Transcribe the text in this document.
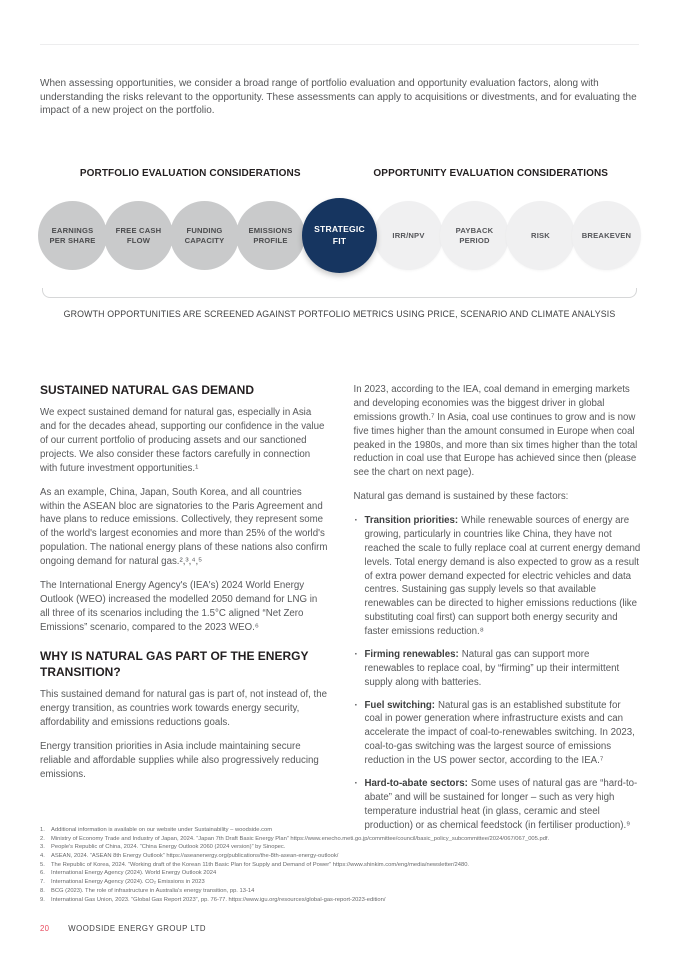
When assessing opportunities, we consider a broad range of portfolio evaluation and opportunity evaluation factors, along with understanding the risks relevant to the opportunity. These assessments can apply to acquisitions or divestments, and for evaluating the impact of a new project on the portfolio.

PORTFOLIO EVALUATION CONSIDERATIONS	OPPORTUNITY EVALUATION CONSIDERATIONS
EARNINGS PER SHARE
FREE CASH FLOW
FUNDING CAPACITY
EMISSIONS PROFILE
STRATEGIC FIT
IRR/NPV
PAYBACK PERIOD
RISK	BREAKEVEN
GROWTH OPPORTUNITIES ARE SCREENED AGAINST PORTFOLIO METRICS USING PRICE, SCENARIO AND CLIMATE ANALYSIS
SUSTAINED NATURAL GAS DEMAND

We expect sustained demand for natural gas, especially in Asia and for the decades ahead, supporting our confidence in the value of our current portfolio of producing assets and our sanctioned projects. We also consider these factors carefully in connection with future investment opportunities.¹

As an example, China, Japan, South Korea, and all countries within the ASEAN bloc are signatories to the Paris Agreement and have plans to reduce emissions. Collectively, they represent some of the world's largest economies and more than 25% of the world's population. The national energy plans of these nations also confirm ongoing demand for natural gas.²,³,⁴,⁵

The International Energy Agency's (IEA's) 2024 World Energy Outlook (WEO) increased the modelled 2050 demand for LNG in all three of its scenarios including the 1.5°C aligned “Net Zero Emissions” scenario, compared to the 2023 WEO.⁶

WHY IS NATURAL GAS PART OF THE ENERGY TRANSITION?

This sustained demand for natural gas is part of, not instead of, the energy transition, as countries work towards energy security, affordability and emissions reductions goals.

Energy transition priorities in Asia include maintaining secure reliable and affordable supplies while also progressively reducing emissions.

In 2023, according to the IEA, coal demand in emerging markets and developing economies was the biggest driver in global emissions growth.⁷ In Asia, coal use continues to grow and is now five times higher than the amount consumed in Europe when coal peaked in the 1980s, and more than six times higher than the total reduction in coal use that Europe has achieved since then (please see the chart on next page).

Natural gas demand is sustained by these factors:

· Transition priorities: While renewable sources of energy are growing, particularly in countries like China, they have not reached the scale to fully replace coal at current energy demand levels. Total energy demand is also expected to grow as a result of extra power demand expected for electric vehicles and data centres. Sustaining gas supply levels so that available renewables can be directed to higher emissions reductions (like substituting coal first) can support both energy security and faster emissions reduction.⁸
· Firming renewables: Natural gas can support more renewables to replace coal, by “firming” up their intermittent supply along with batteries.
· Fuel switching: Natural gas is an established substitute for coal in power generation where infrastructure exists and can accelerate the impact of coal-to-renewables switching. In 2023, coal-to-gas switching was the largest source of emissions reduction in the US power sector, according to the IEA.⁷
· Hard-to-abate sectors: Some uses of natural gas are “hard-to-abate” and will be sustained for longer – such as very high temperature industrial heat (in glass, ceramic and steel production) or as chemical feedstock (in fertiliser production).⁹
1.	Additional information is available on our website under Sustainability – woodside.com
2.	Ministry of Economy Trade and Industry of Japan, 2024. “Japan 7th Draft Basic Energy Plan” https://www.enecho.meti.go.jp/committee/council/basic_policy_subcommittee/2024/067/067_005.pdf.
3.	People's Republic of China, 2024. “China Energy Outlook 2060 (2024 version)” by Sinopec.
4.	ASEAN, 2024. “ASEAN 8th Energy Outlook” https://aseanenergy.org/publications/the-8th-asean-energy-outlook/
5.	The Republic of Korea, 2024. “Working draft of the Korean 11th Basic Plan for Supply and Demand of Power” https://www.shinkim.com/eng/media/newsletter/2480.
6.	International Energy Agency (2024). World Energy Outlook 2024
7.	International Energy Agency (2024). CO₂ Emissions in 2023
8.	BCG (2023). The role of infrastructure in Australia's energy transition, pp. 13-14
9.	International Gas Union, 2023. “Global Gas Report 2023”, pp. 76-77. https://www.igu.org/resources/global-gas-report-2023-edition/
20 WOODSIDE ENERGY GROUP LTD
